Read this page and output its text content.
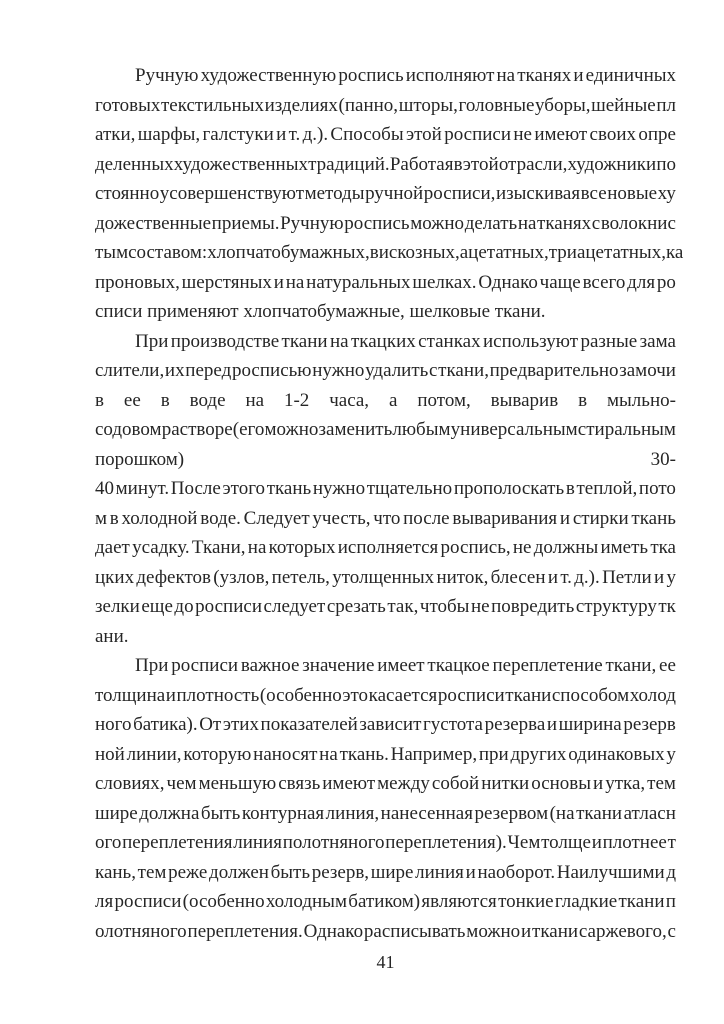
Ручную художественную роспись исполняют на тканях и единичных
готовых текстильных изделиях (панно, шторы, головные уборы, шейные пл
атки, шарфы, галстуки и т. д.). Способы этой росписи не имеют своих опре
деленных художественных традиций. Работая в этой отрасли, художники по
стоянно усовершенствуют методы ручной росписи, изыскивая все новые ху
дожественные приемы. Ручную роспись можно делать на тканях с волокнис
тым составом: хлопчатобумажных, вискозных, ацетатных, триацетатных, ка
проновых, шерстяных и на натуральных шелках. Однако чаще всего для ро
списи применяют хлопчатобумажные, шелковые ткани.
При производстве ткани на ткацких станках используют разные зама
слители, их перед росписью нужно удалить с ткани, предварительно замочи
в ее в воде на 1-2 часа, а потом, выварив в мыльно-
содовом растворе (его можно заменить любым универсальным стиральным
порошком)	30-
40 минут. После этого ткань нужно тщательно прополоскать в теплой, пото
м в холодной воде. Следует учесть, что после вываривания и стирки ткань
дает усадку. Ткани, на которых исполняется роспись, не должны иметь тка
цких дефектов (узлов, петель, утолщенных ниток, блесен и т. д.). Петли и у
зелки еще до росписи следует срезать так, чтобы не повредить структуру тк
ани.
При росписи важное значение имеет ткацкое переплетение ткани, ее
толщина и плотность (особенно это касается росписи ткани способом холод
ного батика). От этих показателей зависит густота резерва и ширина резерв
ной линии, которую наносят на ткань. Например, при других одинаковых у
словиях, чем меньшую связь имеют между собой нитки основы и утка, тем
шире должна быть контурная линия, нанесенная резервом (на ткани атласн
ого переплетения линия полотняного переплетения). Чем толще и плотнее т
кань, тем реже должен быть резерв, шире линия и наоборот. Наилучшими д
ля росписи (особенно холодным батиком) являются тонкие гладкие ткани п
олотняного переплетения. Однако расписывать можно и ткани саржевого, с
41
